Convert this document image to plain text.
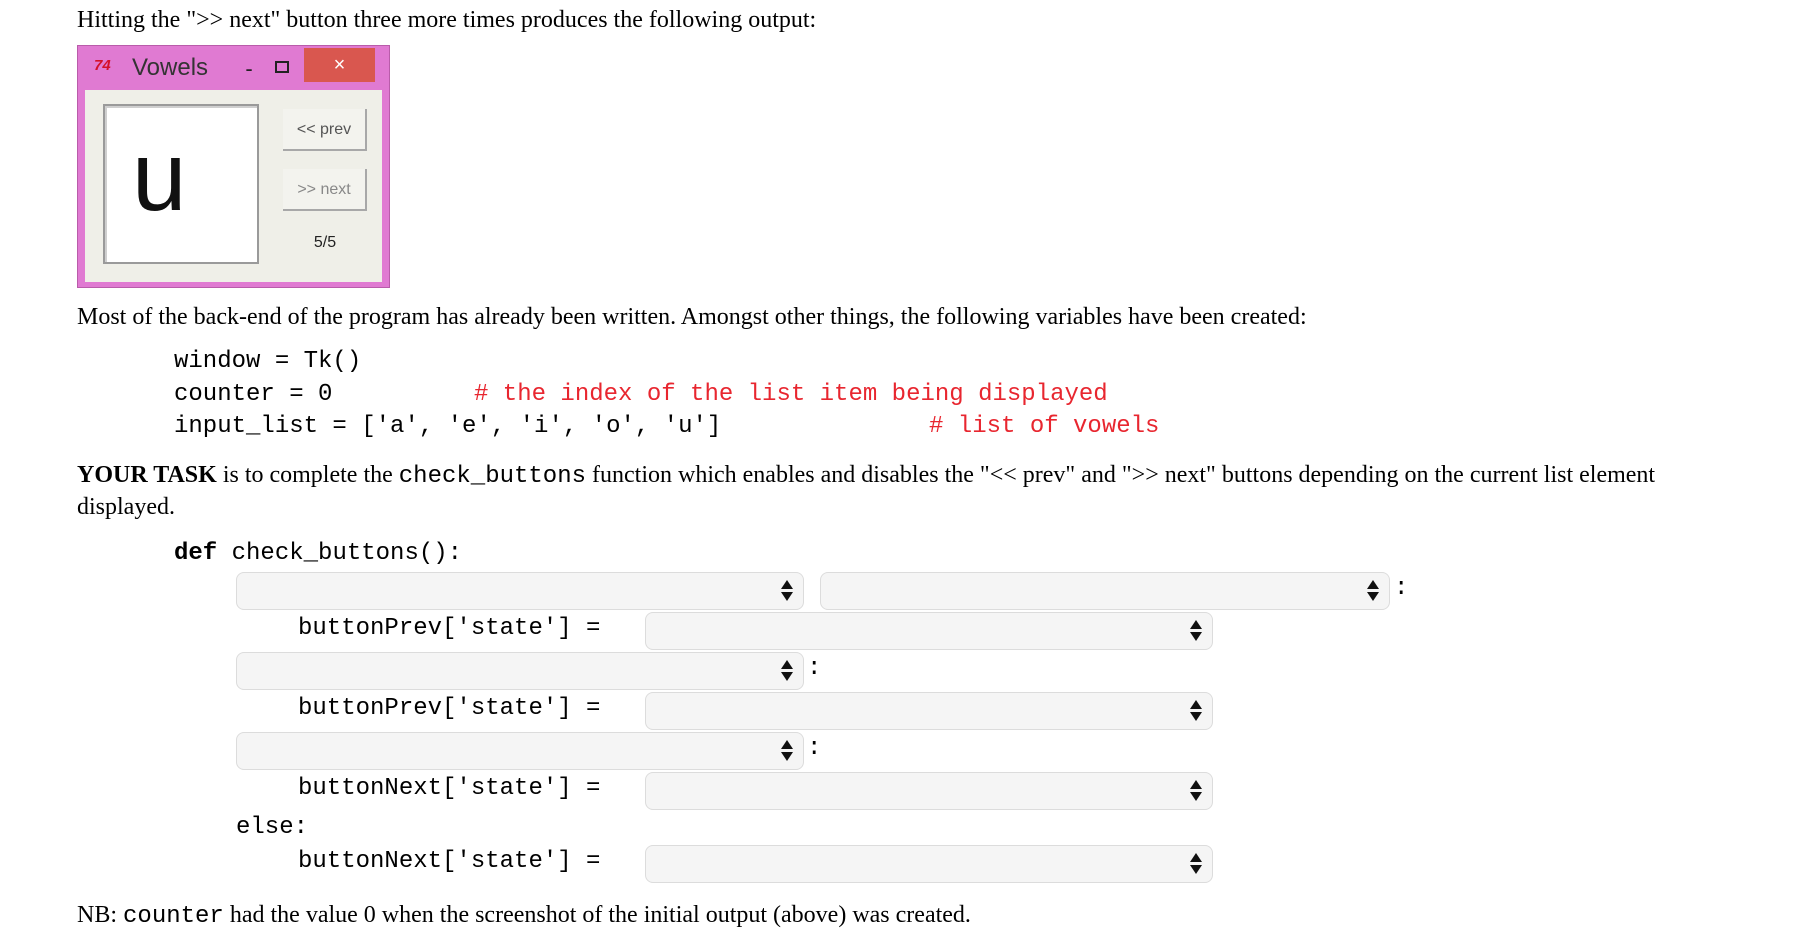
Hitting the ">> next" button three more times produces the following output:
74 Vowels	-	×
u	<< prev
>> next
5/5
Most of the back-end of the program has already been written. Amongst other things, the following variables have been created:
window = Tk()
counter = 0	# the index of the list item being displayed
input_list = ['a', 'e', 'i', 'o', 'u']	# list of vowels
YOUR TASK is to complete the check_buttons function which enables and disables the "<< prev" and ">> next" buttons depending on the current list element
displayed.
def check_buttons():
:
buttonPrev['state'] =
:
buttonPrev['state'] =
:
buttonNext['state'] =
else:
buttonNext['state'] =
NB: counter had the value 0 when the screenshot of the initial output (above) was created.
